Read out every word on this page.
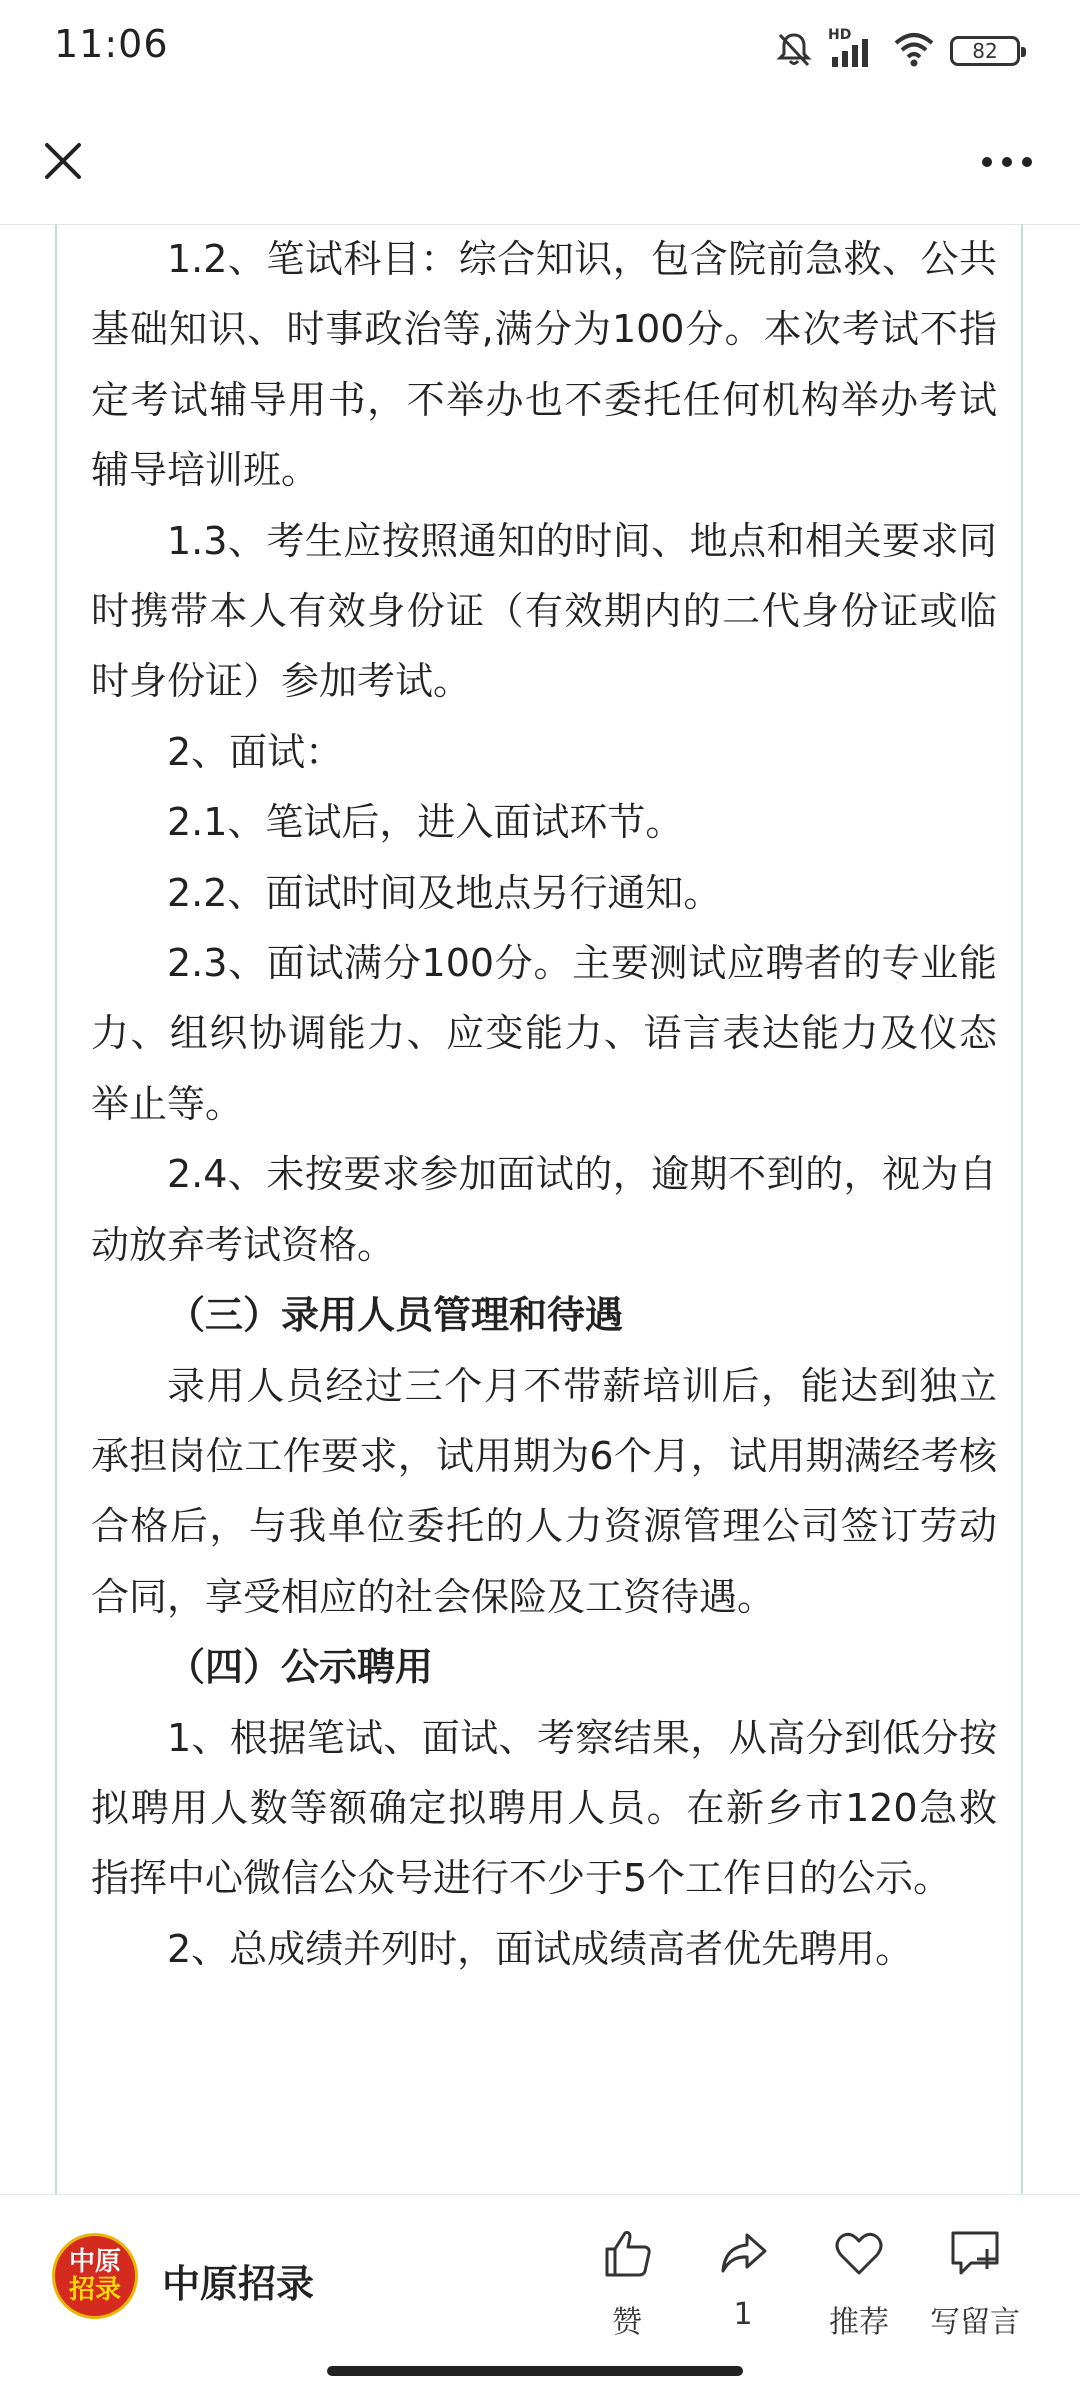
11:06	HD
82

1.2、笔试科目：综合知识，包含院前急救、公共基础知识、时事政治等,满分为100分。本次考试不指定考试辅导用书，不举办也不委托任何机构举办考试辅导培训班。

1.3、考生应按照通知的时间、地点和相关要求同时携带本人有效身份证（有效期内的二代身份证或临时身份证）参加考试。

2、面试：

2.1、笔试后，进入面试环节。

2.2、面试时间及地点另行通知。

2.3、面试满分100分。主要测试应聘者的专业能力、组织协调能力、应变能力、语言表达能力及仪态举止等。

2.4、未按要求参加面试的，逾期不到的，视为自动放弃考试资格。

（三）录用人员管理和待遇

录用人员经过三个月不带薪培训后，能达到独立承担岗位工作要求，试用期为6个月，试用期满经考核合格后，与我单位委托的人力资源管理公司签订劳动合同，享受相应的社会保险及工资待遇。

（四）公示聘用

1、根据笔试、面试、考察结果，从高分到低分按拟聘用人数等额确定拟聘用人员。在新乡市120急救指挥中心微信公众号进行不少于5个工作日的公示。

2、总成绩并列时，面试成绩高者优先聘用。

中原
招录 中原招录
赞	1	推荐 写留言
